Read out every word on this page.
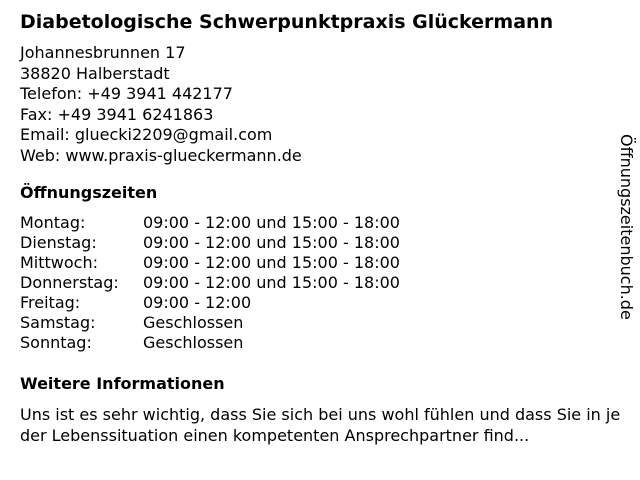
Diabetologische Schwerpunktpraxis Glückermann
Johannesbrunnen 17
38820 Halberstadt
Telefon: +49 3941 442177
Fax: +49 3941 6241863
Email: gluecki2209@gmail.com
Web: www.praxis-glueckermann.de
Öffnungszeiten
Montag:	09:00 - 12:00 und 15:00 - 18:00
Dienstag:	09:00 - 12:00 und 15:00 - 18:00
Mittwoch:	09:00 - 12:00 und 15:00 - 18:00
Donnerstag:	09:00 - 12:00 und 15:00 - 18:00
Freitag:	09:00 - 12:00
Samstag:	Geschlossen
Sonntag:	Geschlossen
Weitere Informationen
Uns ist es sehr wichtig, dass Sie sich bei uns wohl fühlen und dass Sie in jeder Lebenssituation einen kompetenten Ansprechpartner find...
Öffnungszeitenbuch.de
